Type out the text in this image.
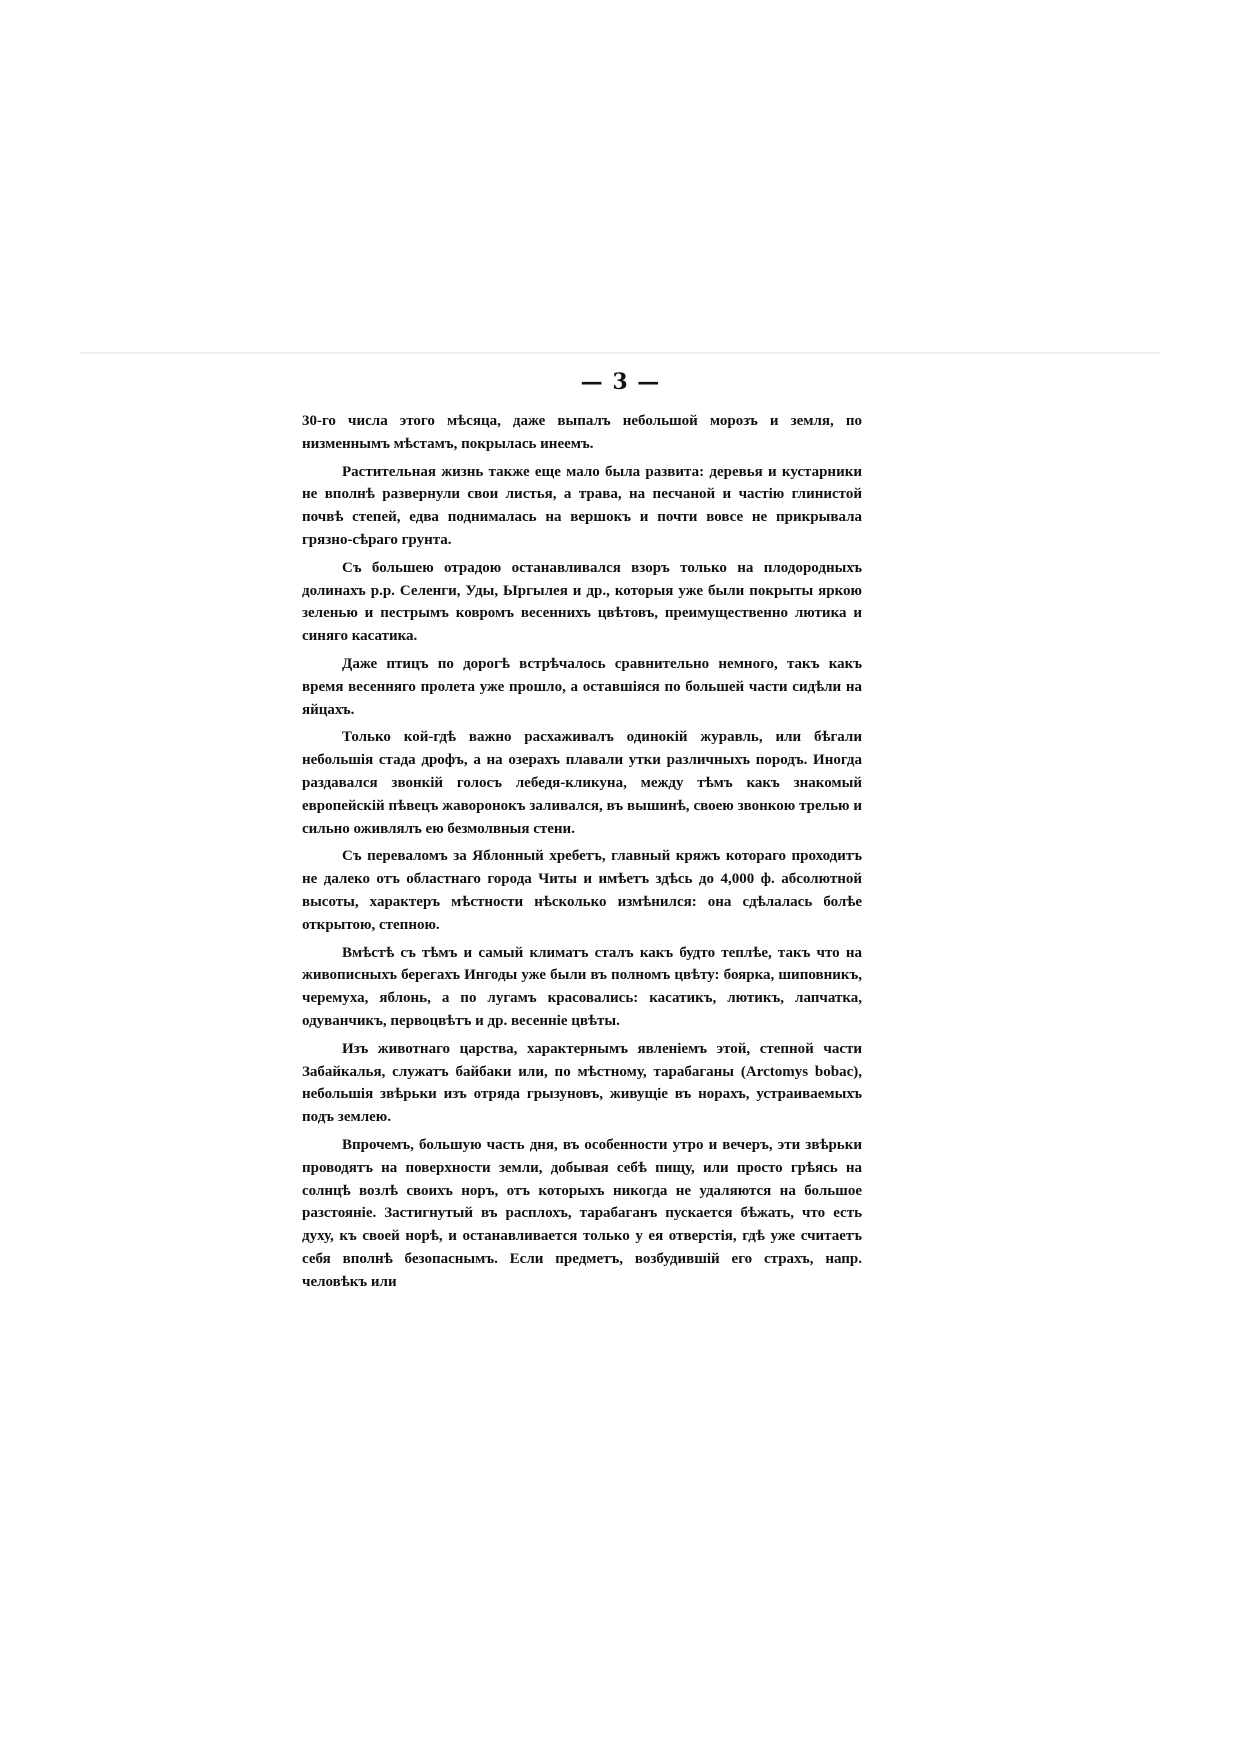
— 3 —

30-го числа этого мѣсяца, даже выпалъ небольшой морозъ и земля, по низменнымъ мѣстамъ, покрылась инеемъ.

Растительная жизнь также еще мало была развита: деревья и кустарники не вполнѣ развернули свои листья, а трава, на песчаной и частію глинистой почвѣ степей, едва поднималась на вершокъ и почти вовсе не прикрывала грязно-сѣраго грунта.

Съ большею отрадою останавливался взоръ только на плодородныхъ долинахъ р.р. Селенги, Уды, Ыргылея и др., которыя уже были покрыты яркою зеленью и пестрымъ ковромъ весеннихъ цвѣтовъ, преимущественно лютика и синяго касатика.

Даже птицъ по дорогѣ встрѣчалось сравнительно немного, такъ какъ время весенняго пролета уже прошло, а оставшіяся по большей части сидѣли на яйцахъ.

Только кой-гдѣ важно расхаживалъ одинокій журавль, или бѣгали небольшія стада дрофъ, а на озерахъ плавали утки различныхъ породъ. Иногда раздавался звонкій голосъ лебедя-кликуна, между тѣмъ какъ знакомый европейскій пѣвецъ жаворонокъ заливался, въ вышинѣ, своею звонкою трелью и сильно оживлялъ ею безмолвныя стени.

Съ переваломъ за Яблонный хребетъ, главный кряжъ котораго проходитъ не далеко отъ областнаго города Читы и имѣетъ здѣсь до 4,000 ф. абсолютной высоты, характеръ мѣстности нѣсколько измѣнился: она сдѣлалась болѣе открытою, степною.

Вмѣстѣ съ тѣмъ и самый климатъ сталъ какъ будто теплѣе, такъ что на живописныхъ берегахъ Ингоды уже были въ полномъ цвѣту: боярка, шиповникъ, черемуха, яблонь, а по лугамъ красовались: касатикъ, лютикъ, лапчатка, одуванчикъ, первоцвѣтъ и др. весенніе цвѣты.

Изъ животнаго царства, характернымъ явленіемъ этой, степной части Забайкалья, служатъ байбаки или, по мѣстному, тарабаганы (Arctomys bobac), небольшія звѣрьки изъ отряда грызуновъ, живущіе въ норахъ, устраиваемыхъ подъ землею.

Впрочемъ, большую часть дня, въ особенности утро и вечеръ, эти звѣрьки проводятъ на поверхности земли, добывая себѣ пищу, или просто грѣясь на солнцѣ возлѣ своихъ норъ, отъ которыхъ никогда не удаляются на большое разстояніе. Застигнутый въ расплохъ, тарабаганъ пускается бѣжать, что есть духу, къ своей норѣ, и останавливается только у ея отверстія, гдѣ уже считаетъ себя вполнѣ безопаснымъ. Если предметъ, возбудившій его страхъ, напр. человѣкъ или
